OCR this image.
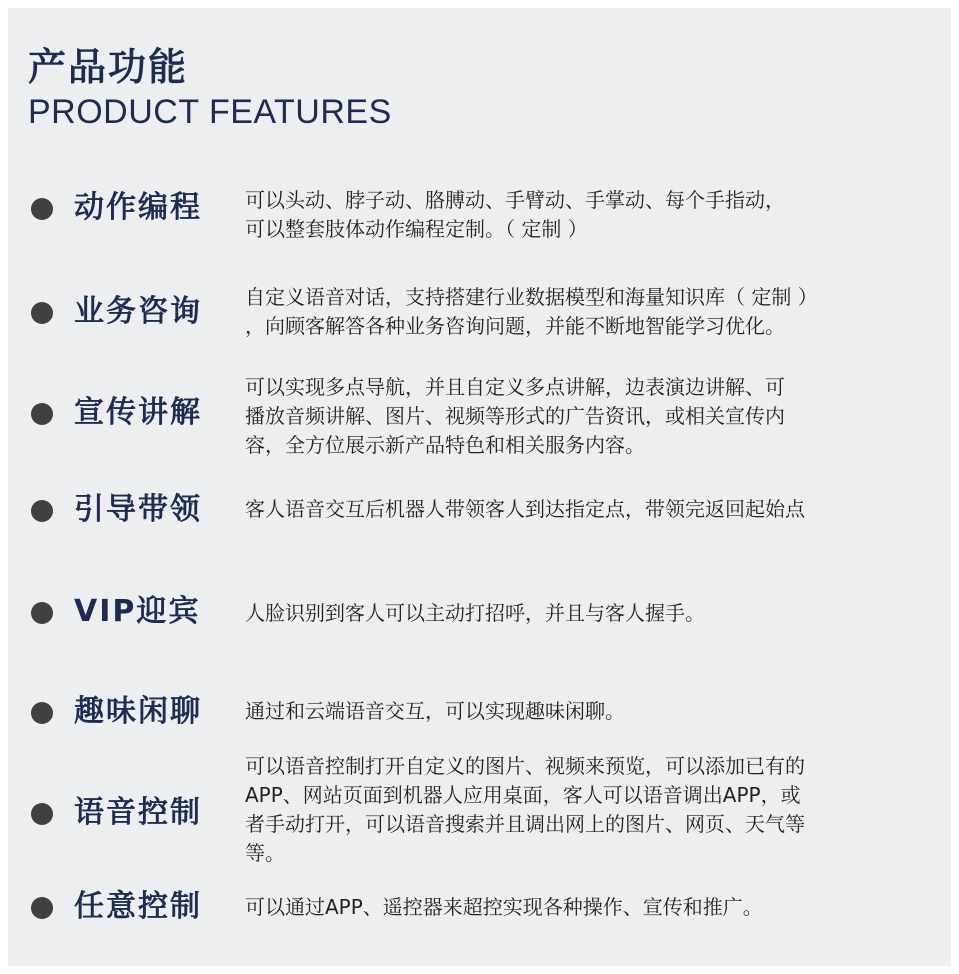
产品功能
PRODUCT FEATURES
动作编程 可以头动、脖子动、胳膊动、手臂动、手掌动、每个手指动，
可以整套肢体动作编程定制。（ 定制 ）
业务咨询 自定义语音对话，支持搭建行业数据模型和海量知识库（ 定制 ）
，向顾客解答各种业务咨询问题，并能不断地智能学习优化。
宣传讲解
可以实现多点导航，并且自定义多点讲解，边表演边讲解、可
播放音频讲解、图片、视频等形式的广告资讯，或相关宣传内
容，全方位展示新产品特色和相关服务内容。
引导带领 客人语音交互后机器人带领客人到达指定点，带领完返回起始点
VIP迎宾 人脸识别到客人可以主动打招呼，并且与客人握手。
趣味闲聊 通过和云端语音交互，可以实现趣味闲聊。
语音控制
可以语音控制打开自定义的图片、视频来预览，可以添加已有的
APP、网站页面到机器人应用桌面，客人可以语音调出APP，或
者手动打开，可以语音搜索并且调出网上的图片、网页、天气等
等。
任意控制 可以通过APP、遥控器来超控实现各种操作、宣传和推广。
